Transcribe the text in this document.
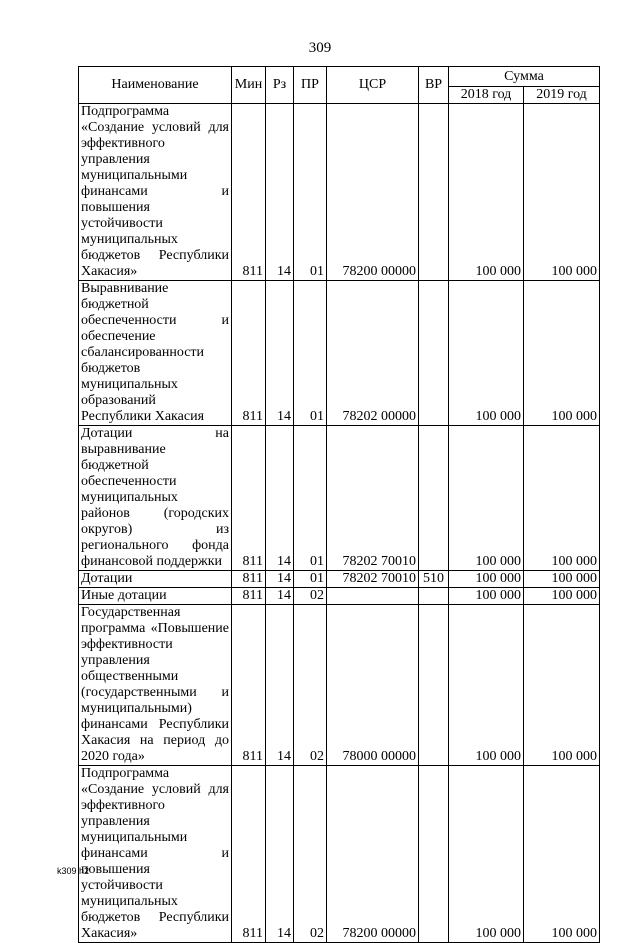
309
Наименование	Мин	Рз	ПР	ЦСР	ВР	Сумма	
						2018 год	2019 год
Подпрограмма «Создание условий для эффективного управления муниципальными финансами и повышения устойчивости муниципальных бюджетов Республики Хакасия»	811	14	01	78200 00000		100 000	100 000
Выравнивание бюджетной обеспеченности и обеспечение сбалансированности бюджетов муниципальных образований Республики Хакасия	811	14	01	78202 00000		100 000	100 000
Дотации на выравнивание бюджетной обеспеченности муниципальных районов (городских округов) из регионального фонда финансовой поддержки	811	14	01	78202 70010		100 000	100 000
Дотации	811	14	01	78202 70010	510	100 000	100 000
Иные дотации	811	14	02			100 000	100 000
Государственная программа «Повышение эффективности управления общественными (государственными и муниципальными) финансами Республики Хакасия на период до 2020 года»	811	14	02	78000 00000		100 000	100 000
Подпрограмма «Создание условий для эффективного управления муниципальными финансами и повышения устойчивости муниципальных бюджетов Республики Хакасия»	811	14	02	78200 00000		100 000	100 000
k309 h2
